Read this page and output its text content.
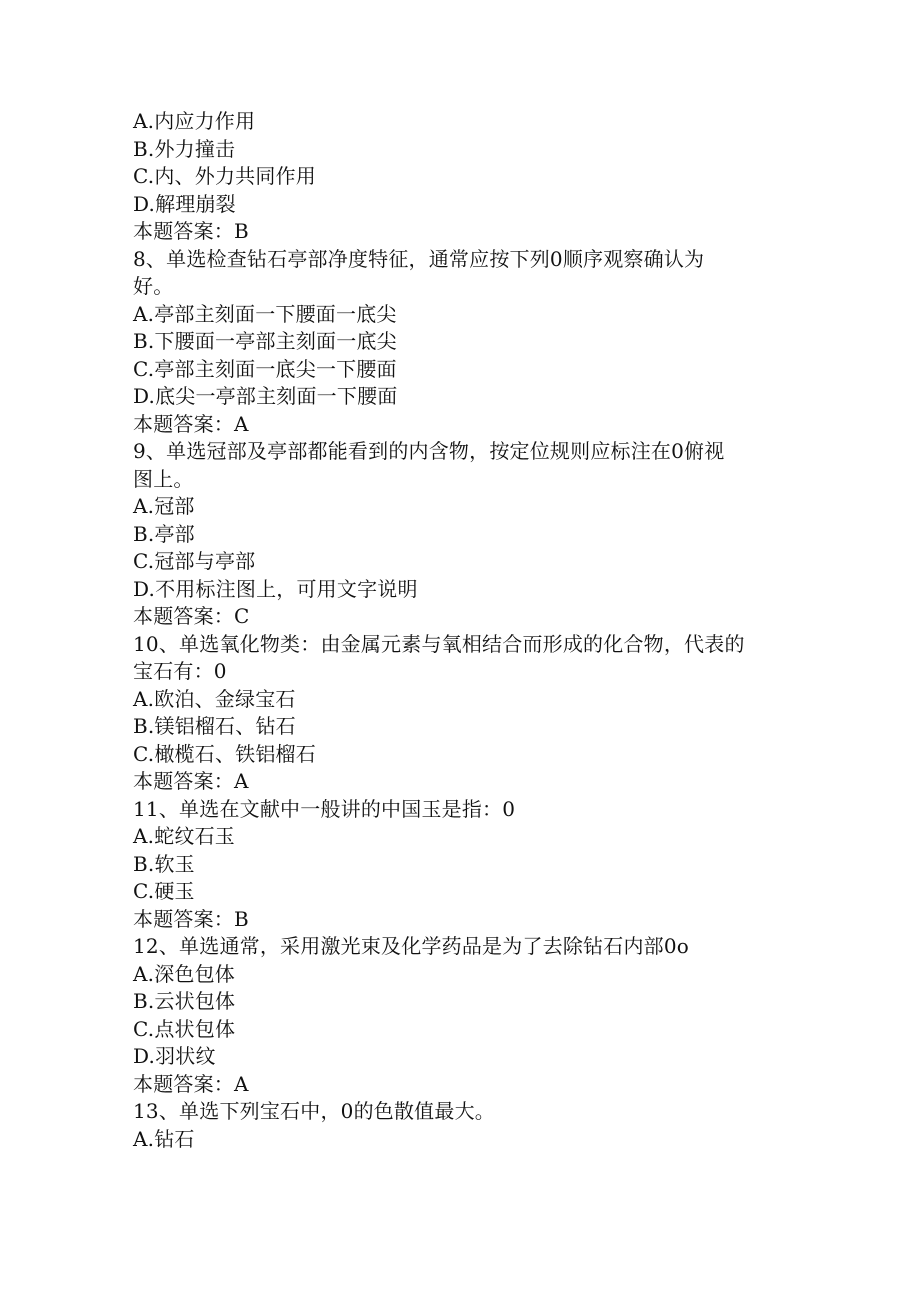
A.内应力作用
B.外力撞击
C.内、外力共同作用
D.解理崩裂
本题答案：B
8、单选检查钻石亭部净度特征，通常应按下列0顺序观察确认为
好。
A.亭部主刻面一下腰面一底尖
B.下腰面一亭部主刻面一底尖
C.亭部主刻面一底尖一下腰面
D.底尖一亭部主刻面一下腰面
本题答案：A
9、单选冠部及亭部都能看到的内含物，按定位规则应标注在0俯视
图上。
A.冠部
B.亭部
C.冠部与亭部
D.不用标注图上，可用文字说明
本题答案：C
10、单选氧化物类：由金属元素与氧相结合而形成的化合物，代表的
宝石有：0
A.欧泊、金绿宝石
B.镁铝榴石、钻石
C.橄榄石、铁铝榴石
本题答案：A
11、单选在文献中一般讲的中国玉是指：0
A.蛇纹石玉
B.软玉
C.硬玉
本题答案：B
12、单选通常，采用激光束及化学药品是为了去除钻石内部0o
A.深色包体
B.云状包体
C.点状包体
D.羽状纹
本题答案：A
13、单选下列宝石中，0的色散值最大。
A.钻石
